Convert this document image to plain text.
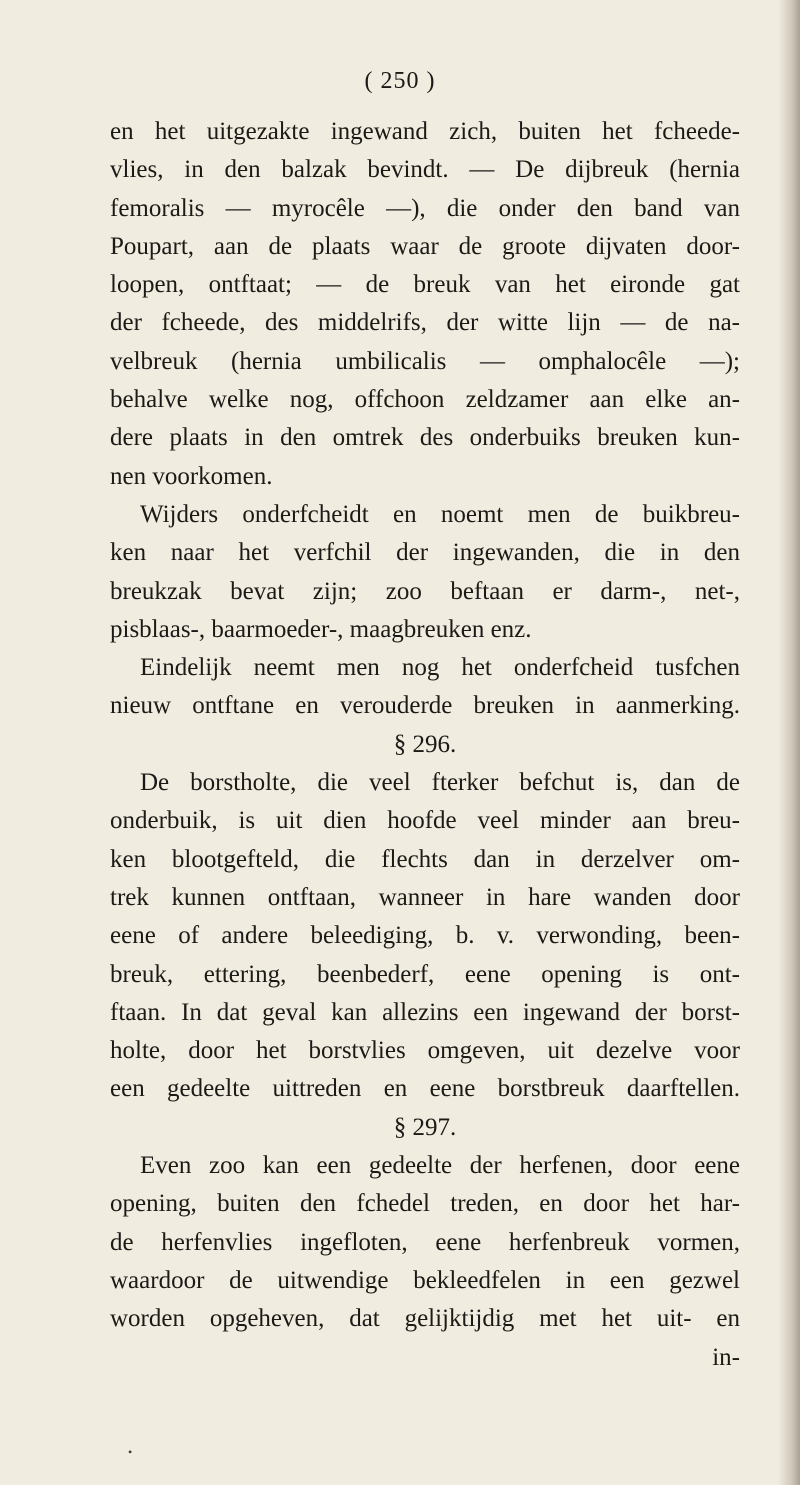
( 250 )
en het uitgezakte ingewand zich, buiten het fcheede-
vlies, in den balzak bevindt. — De dijbreuk (hernia
femoralis — myrocêle —), die onder den band van
Poupart, aan de plaats waar de groote dijvaten door-
loopen, ontftaat; — de breuk van het eironde gat
der fcheede, des middelrifs, der witte lijn — de na-
velbreuk (hernia umbilicalis — omphalocêle —);
behalve welke nog, offchoon zeldzamer aan elke an-
dere plaats in den omtrek des onderbuiks breuken kun-
nen voorkomen.
Wijders onderfcheidt en noemt men de buikbreu-
ken naar het verfchil der ingewanden, die in den
breukzak bevat zijn; zoo beftaan er darm-, net-,
pisblaas-, baarmoeder-, maagbreuken enz.
Eindelijk neemt men nog het onderfcheid tusfchen
nieuw ontftane en verouderde breuken in aanmerking.
§ 296.
De borstholte, die veel fterker befchut is, dan de
onderbuik, is uit dien hoofde veel minder aan breu-
ken blootgefteld, die flechts dan in derzelver om-
trek kunnen ontftaan, wanneer in hare wanden door
eene of andere beleediging, b. v. verwonding, been-
breuk, ettering, beenbederf, eene opening is ont-
ftaan. In dat geval kan allezins een ingewand der borst-
holte, door het borstvlies omgeven, uit dezelve voor
een gedeelte uittreden en eene borstbreuk daarftellen.
§ 297.
Even zoo kan een gedeelte der herfenen, door eene
opening, buiten den fchedel treden, en door het har-
de herfenvlies ingefloten, eene herfenbreuk vormen,
waardoor de uitwendige bekleedfelen in een gezwel
worden opgeheven, dat gelijktijdig met het uit- en
in-
•
